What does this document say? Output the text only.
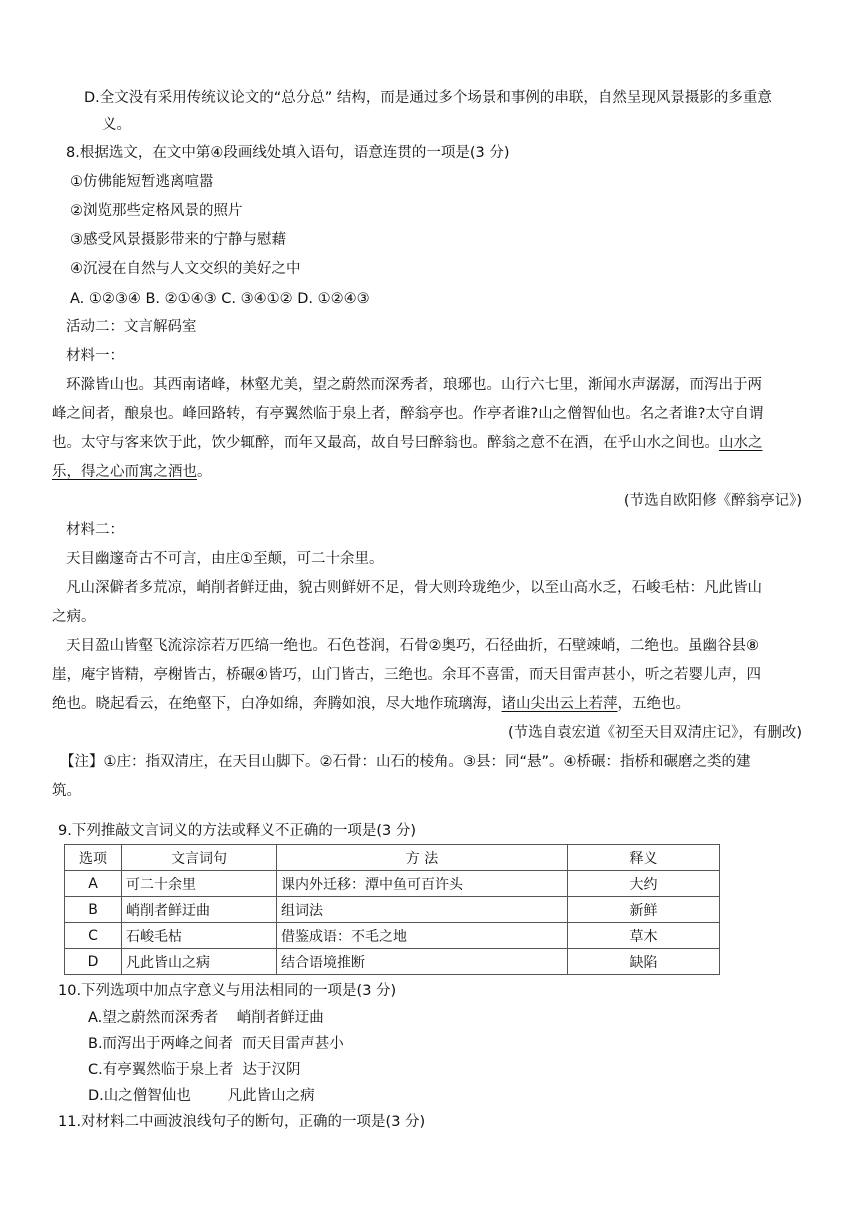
D.全文没有采用传统议论文的“总分总” 结构，而是通过多个场景和事例的串联，自然呈现风景摄影的多重意
义。
8.根据选文，在文中第④段画线处填入语句，语意连贯的一项是(3 分)
①仿佛能短暂逃离喧嚣
②浏览那些定格风景的照片
③感受风景摄影带来的宁静与慰藉
④沉浸在自然与人文交织的美好之中
A. ①②③④ B. ②①④③ C. ③④①② D. ①②④③
活动二：文言解码室
材料一：
环滁皆山也。其西南诸峰，林壑尤美，望之蔚然而深秀者，琅琊也。山行六七里，渐闻水声潺潺，而泻出于两
峰之间者，酿泉也。峰回路转，有亭翼然临于泉上者，醉翁亭也。作亭者谁?山之僧智仙也。名之者谁?太守自谓
也。太守与客来饮于此，饮少辄醉，而年又最高，故自号曰醉翁也。醉翁之意不在酒，在乎山水之间也。山水之
乐，得之心而寓之酒也。
(节选自欧阳修《醉翁亭记》)
材料二：
天目幽邃奇古不可言，由庄①至颠，可二十余里。
凡山深僻者多荒凉，峭削者鲜迂曲，貌古则鲜妍不足，骨大则玲珑绝少，以至山高水乏，石峻毛枯：凡此皆山
之病。
天目盈山皆壑飞流淙淙若万匹缟一绝也。石色苍润，石骨②奥巧，石径曲折，石壁竦峭，二绝也。虽幽谷县⑧
崖，庵宇皆精，亭榭皆古，桥碾④皆巧，山门皆古，三绝也。余耳不喜雷，而天目雷声甚小，听之若婴儿声，四
绝也。晓起看云，在绝壑下，白净如绵，奔腾如浪，尽大地作琉璃海，诸山尖出云上若萍，五绝也。
(节选自袁宏道《初至天目双清庄记》，有删改)
【注】①庄：指双清庄，在天目山脚下。②石骨：山石的棱角。③县：同“悬”。④桥碾：指桥和碾磨之类的建
筑。
9.下列推敲文言词义的方法或释义不正确的一项是(3 分)
选项	文言词句	方 法	释义
A	可二十余里	课内外迁移：潭中鱼可百许头	大约
B	峭削者鲜迂曲	组词法	新鲜
C	石峻毛枯	借鉴成语：不毛之地	草木
D	凡此皆山之病	结合语境推断	缺陷
10.下列选项中加点字意义与用法相同的一项是(3 分)
A.望之蔚然而深秀者    峭削者鲜迂曲
B.而泻出于两峰之间者  而天目雷声甚小
C.有亭翼然临于泉上者  达于汉阴
D.山之僧智仙也        凡此皆山之病
11.对材料二中画波浪线句子的断句，正确的一项是(3 分)
